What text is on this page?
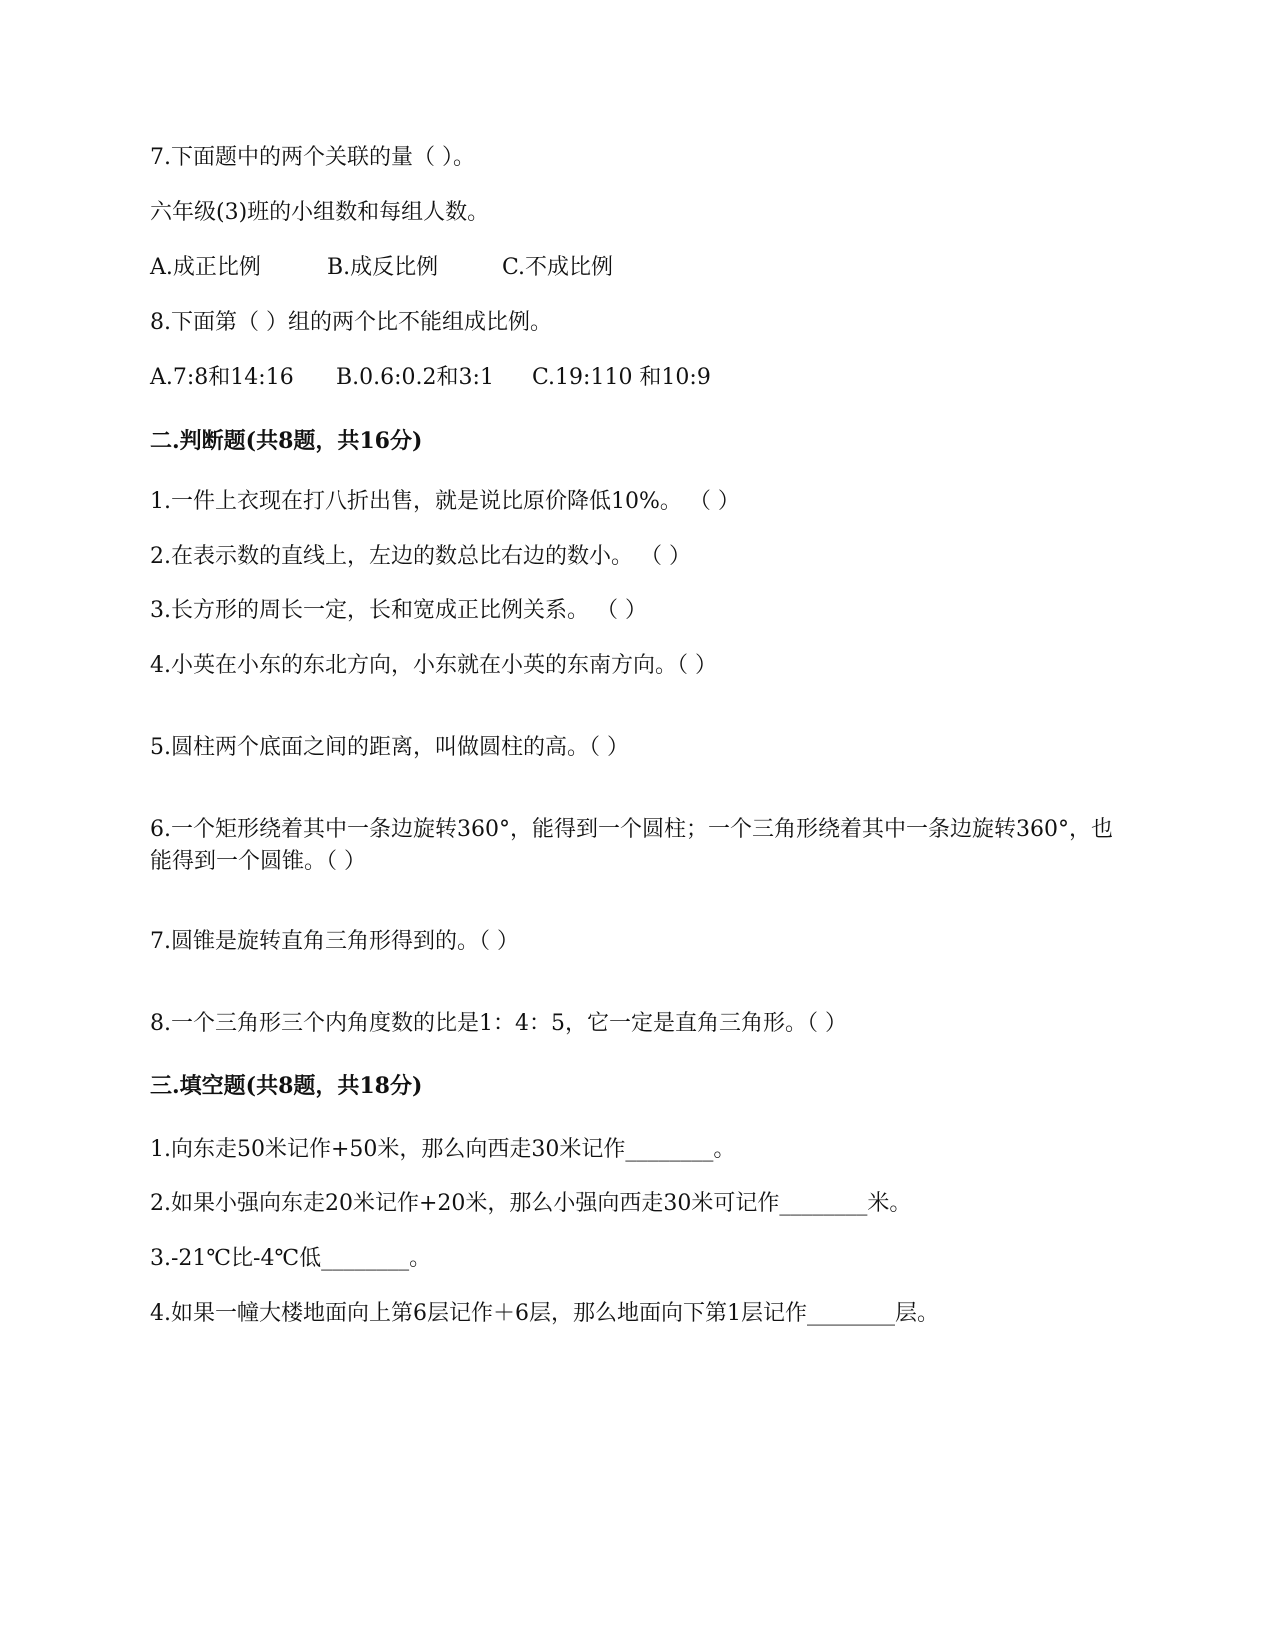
7.下面题中的两个关联的量（ ）。
六年级(3)班的小组数和每组人数。
A.成正比例	B.成反比例	C.不成比例
8.下面第（ ）组的两个比不能组成比例。
A.7:8和14:16 B.0.6:0.2和3:1 C.19:110 和10:9
二.判断题(共8题，共16分)
1.一件上衣现在打八折出售，就是说比原价降低10%。 （ ）
2.在表示数的直线上，左边的数总比右边的数小。 （ ）
3.长方形的周长一定，长和宽成正比例关系。 （ ）
4.小英在小东的东北方向，小东就在小英的东南方向。（ ）
5.圆柱两个底面之间的距离，叫做圆柱的高。（ ）
6.一个矩形绕着其中一条边旋转360°，能得到一个圆柱；一个三角形绕着其中一条边旋转360°，也能得到一个圆锥。（ ）
7.圆锥是旋转直角三角形得到的。（ ）
8.一个三角形三个内角度数的比是1：4：5，它一定是直角三角形。（ ）
三.填空题(共8题，共18分)
1.向东走50米记作+50米，那么向西走30米记作________。
2.如果小强向东走20米记作+20米，那么小强向西走30米可记作________米。
3.-21℃比-4℃低________。
4.如果一幢大楼地面向上第6层记作＋6层，那么地面向下第1层记作________层。
